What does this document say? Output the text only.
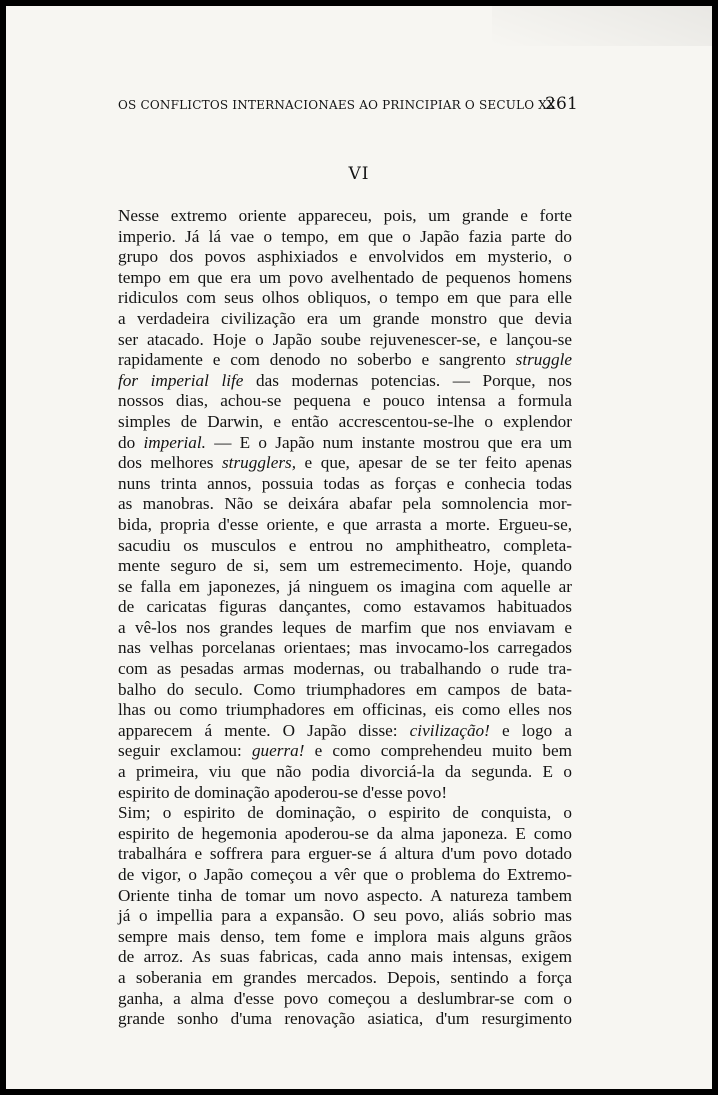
OS CONFLICTOS INTERNACIONAES AO PRINCIPIAR O SECULO XX
261
VI
Nesse extremo oriente appareceu, pois, um grande e forte
imperio. Já lá vae o tempo, em que o Japão fazia parte do
grupo dos povos asphixiados e envolvidos em mysterio, o
tempo em que era um povo avelhentado de pequenos homens
ridiculos com seus olhos obliquos, o tempo em que para elle
a verdadeira civilização era um grande monstro que devia
ser atacado. Hoje o Japão soube rejuvenescer-se, e lançou-se
rapidamente e com denodo no soberbo e sangrento struggle
for imperial life das modernas potencias. — Porque, nos
nossos dias, achou-se pequena e pouco intensa a formula
simples de Darwin, e então accrescentou-se-lhe o explendor
do imperial. — E o Japão num instante mostrou que era um
dos melhores strugglers, e que, apesar de se ter feito apenas
nuns trinta annos, possuia todas as forças e conhecia todas
as manobras. Não se deixára abafar pela somnolencia mor-
bida, propria d'esse oriente, e que arrasta a morte. Ergueu-se,
sacudiu os musculos e entrou no amphitheatro, completa-
mente seguro de si, sem um estremecimento. Hoje, quando
se falla em japonezes, já ninguem os imagina com aquelle ar
de caricatas figuras dançantes, como estavamos habituados
a vê-los nos grandes leques de marfim que nos enviavam e
nas velhas porcelanas orientaes; mas invocamo-los carregados
com as pesadas armas modernas, ou trabalhando o rude tra-
balho do seculo. Como triumphadores em campos de bata-
lhas ou como triumphadores em officinas, eis como elles nos
apparecem á mente. O Japão disse: civilização! e logo a
seguir exclamou: guerra! e como comprehendeu muito bem
a primeira, viu que não podia divorciá-la da segunda. E o
espirito de dominação apoderou-se d'esse povo!
Sim; o espirito de dominação, o espirito de conquista, o
espirito de hegemonia apoderou-se da alma japoneza. E como
trabalhára e soffrera para erguer-se á altura d'um povo dotado
de vigor, o Japão começou a vêr que o problema do Extremo-
Oriente tinha de tomar um novo aspecto. A natureza tambem
já o impellia para a expansão. O seu povo, aliás sobrio mas
sempre mais denso, tem fome e implora mais alguns grãos
de arroz. As suas fabricas, cada anno mais intensas, exigem
a soberania em grandes mercados. Depois, sentindo a força
ganha, a alma d'esse povo começou a deslumbrar-se com o
grande sonho d'uma renovação asiatica, d'um resurgimento
